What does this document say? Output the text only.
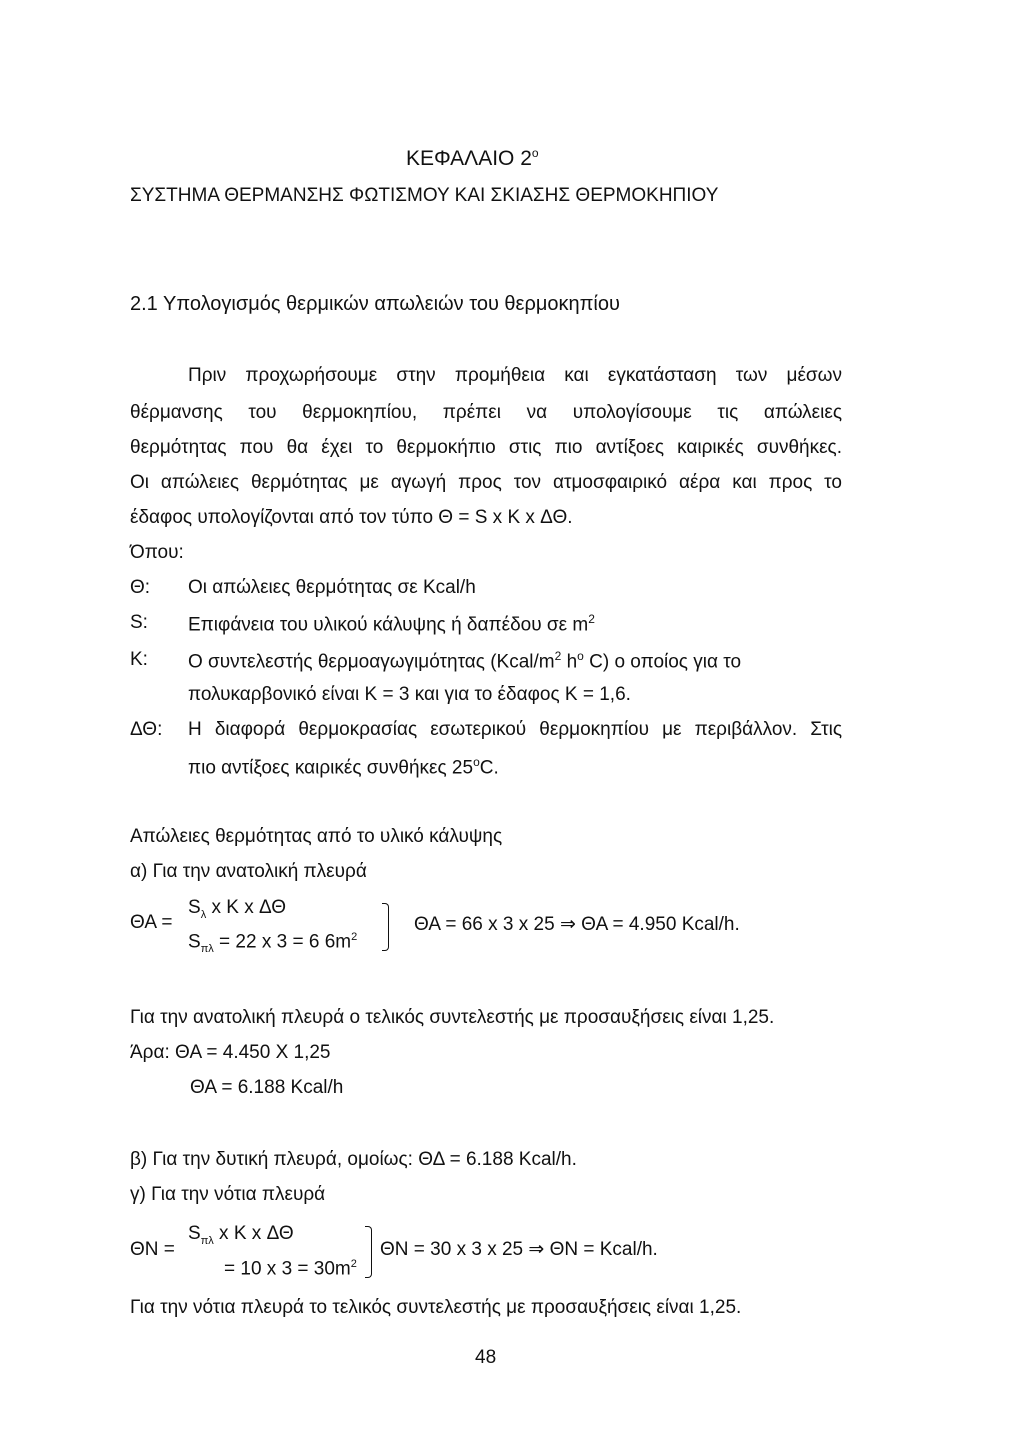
ΚΕΦΑΛΑΙΟ $2^o$
ΣΥΣΤΗΜΑ ΘΕΡΜΑΝΣΗΣ ΦΩΤΙΣΜΟΥ ΚΑΙ ΣΚΙΑΣΗΣ ΘΕΡΜΟΚΗΠΙΟΥ
2.1 Υπολογισμός θερμικών απωλειών του θερμοκηπίου
Πριν προχωρήσουμε στην προμήθεια και εγκατάσταση των μέσων
θέρμανσης του θερμοκηπίου, πρέπει να υπολογίσουμε τις απώλειες
θερμότητας που θα έχει το θερμοκήπιο στις πιο αντίξοες καιρικές συνθήκες.
Οι απώλειες θερμότητας με αγωγή προς τον ατμοσφαιρικό αέρα και προς το
έδαφος υπολογίζονται από τον τύπο Θ = S x K x ΔΘ.
Όπου:
Θ: Οι απώλειες θερμότητας σε Kcal/h
S: Επιφάνεια του υλικού κάλυψης ή δαπέδου σε $m^2$
K: Ο συντελεστής θερμοαγωγιμότητας ($Kcal/m^2$ $h^o$ C) ο οποίος για το
πολυκαρβονικό είναι K = 3 και για το έδαφος K = 1,6.
ΔΘ: Η διαφορά θερμοκρασίας εσωτερικού θερμοκηπίου με περιβάλλον. Στις
πιο αντίξοες καιρικές συνθήκες 25$^o$C.
Απώλειες θερμότητας από το υλικό κάλυψης
α) Για την ανατολική πλευρά
ΘΑ =
$S_\lambda$ x K x ΔΘ
$S_{\pi\lambda} = 22$ x 3 = 6 $6m^2$
ΘΑ = 66 x 3 x 25 ⇒ ΘΑ = 4.950 Kcal/h.
Για την ανατολική πλευρά ο τελικός συντελεστής με προσαυξήσεις είναι 1,25.
Άρα: ΘΑ = 4.450 Χ 1,25
ΘΑ = 6.188 Kcal/h
β) Για την δυτική πλευρά, ομοίως: ΘΔ = 6.188 Kcal/h.
γ) Για την νότια πλευρά
ΘΝ =
$S_{\pi\lambda}$ x K x ΔΘ
= 10 x $3 = 30m^2$
ΘΝ = 30 x 3 x 25 ⇒ ΘΝ = Kcal/h.
Για την νότια πλευρά το τελικός συντελεστής με προσαυξήσεις είναι 1,25.
48
